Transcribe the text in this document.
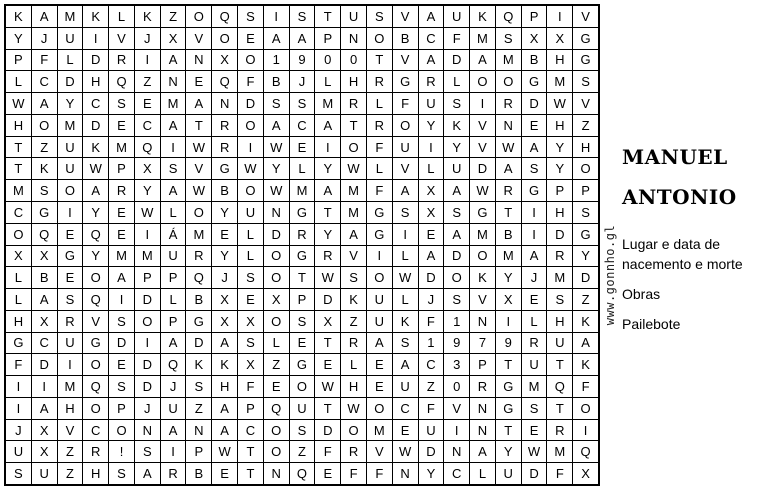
K	A	M	K	L	K	Z	O	Q	S	I	S	T	U	S	V	A	U	K	Q	P	I	V
Y	J	U	I	V	J	X	V	O	E	A	A	P	N	O	B	C	F	M	S	X	X	G
P	F	L	D	R	I	A	N	X	O	1	9	0	0	T	V	A	D	A	M	B	H	G
L	C	D	H	Q	Z	N	E	Q	F	B	J	L	H	R	G	R	L	O	O	G	M	S
W	A	Y	C	S	E	M	A	N	D	S	S	M	R	L	F	U	S	I	R	D	W	V
H	O	M	D	E	C	A	T	R	O	A	C	A	T	R	O	Y	K	V	N	E	H	Z
T	Z	U	K	M	Q	I	W	R	I	W	E	I	O	F	U	I	Y	V	W	A	Y	H
T	K	U	W	P	X	S	V	G	W	Y	L	Y	W	L	V	L	U	D	A	S	Y	O
M	S	O	A	R	Y	A	W	B	O	W	M	A	M	F	A	X	A	W	R	G	P	P
C	G	I	Y	E	W	L	O	Y	U	N	G	T	M	G	S	X	S	G	T	I	H	S
O	Q	E	Q	E	I	Á	M	E	L	D	R	Y	A	G	I	E	A	M	B	I	D	G
X	X	G	Y	M	M	U	R	Y	L	O	G	R	V	I	L	A	D	O	M	A	R	Y
L	B	E	O	A	P	P	Q	J	S	O	T	W	S	O	W	D	O	K	Y	J	M	D
L	A	S	Q	I	D	L	B	X	E	X	P	D	K	U	L	J	S	V	X	E	S	Z
H	X	R	V	S	O	P	G	X	X	O	S	X	Z	U	K	F	1	N	I	L	H	K
G	C	U	G	D	I	A	D	A	S	L	E	T	R	A	S	1	9	7	9	R	U	A
F	D	I	O	E	D	Q	K	K	X	Z	G	E	L	E	A	C	3	P	T	U	T	K
I	I	M	Q	S	D	J	S	H	F	E	O	W	H	E	U	Z	0	R	G	M	Q	F
I	A	H	O	P	J	U	Z	A	P	Q	U	T	W	O	C	F	V	N	G	S	T	O
J	X	V	C	O	N	A	N	A	C	O	S	D	O	M	E	U	I	N	T	E	R	I
U	X	Z	R	!	S	I	P	W	T	O	Z	F	R	V	W	D	N	A	Y	W	M	Q
S	U	Z	H	S	A	R	B	E	T	N	Q	E	F	F	N	Y	C	L	U	D	F	X
www.gonnho.gl
MANUEL
ANTONIO
Lugar e data de
nacemento e morte
Obras
Pailebote
